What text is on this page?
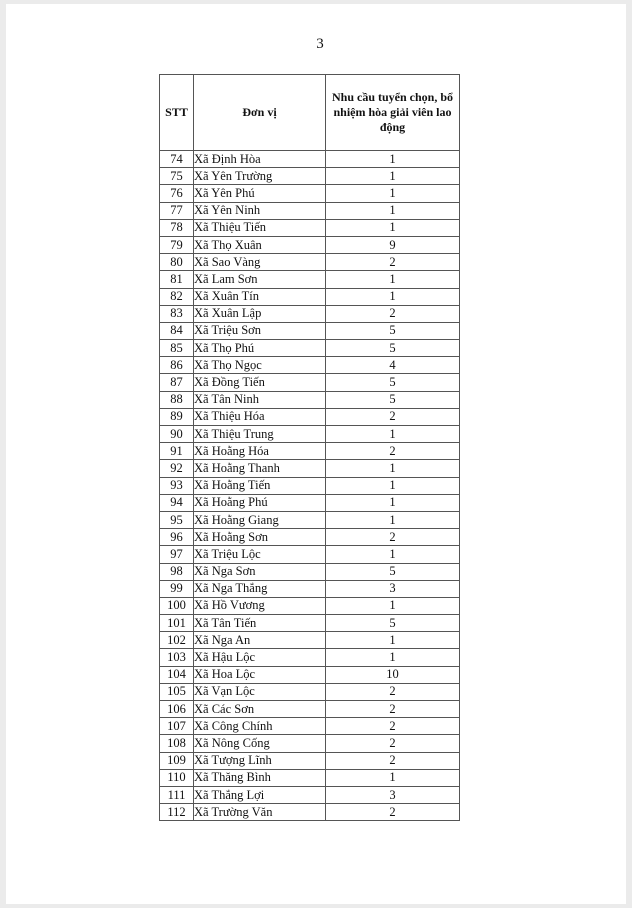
3
STT	Đơn vị	Nhu cầu tuyển chọn, bổ nhiệm hòa giải viên lao động
74	Xã Định Hòa	1
75	Xã Yên Trường	1
76	Xã Yên Phú	1
77	Xã Yên Ninh	1
78	Xã Thiệu Tiến	1
79	Xã Thọ Xuân	9
80	Xã Sao Vàng	2
81	Xã Lam Sơn	1
82	Xã Xuân Tín	1
83	Xã Xuân Lập	2
84	Xã Triệu Sơn	5
85	Xã Thọ Phú	5
86	Xã Thọ Ngọc	4
87	Xã Đồng Tiến	5
88	Xã Tân Ninh	5
89	Xã Thiệu Hóa	2
90	Xã Thiệu Trung	1
91	Xã Hoằng Hóa	2
92	Xã Hoằng Thanh	1
93	Xã Hoằng Tiến	1
94	Xã Hoằng Phú	1
95	Xã Hoằng Giang	1
96	Xã Hoằng Sơn	2
97	Xã Triệu Lộc	1
98	Xã Nga Sơn	5
99	Xã Nga Thắng	3
100	Xã Hồ Vương	1
101	Xã Tân Tiến	5
102	Xã Nga An	1
103	Xã Hậu Lộc	1
104	Xã Hoa Lộc	10
105	Xã Vạn Lộc	2
106	Xã Các Sơn	2
107	Xã Công Chính	2
108	Xã Nông Cống	2
109	Xã Tượng Lĩnh	2
110	Xã Thăng Bình	1
111	Xã Thắng Lợi	3
112	Xã Trường Văn	2
